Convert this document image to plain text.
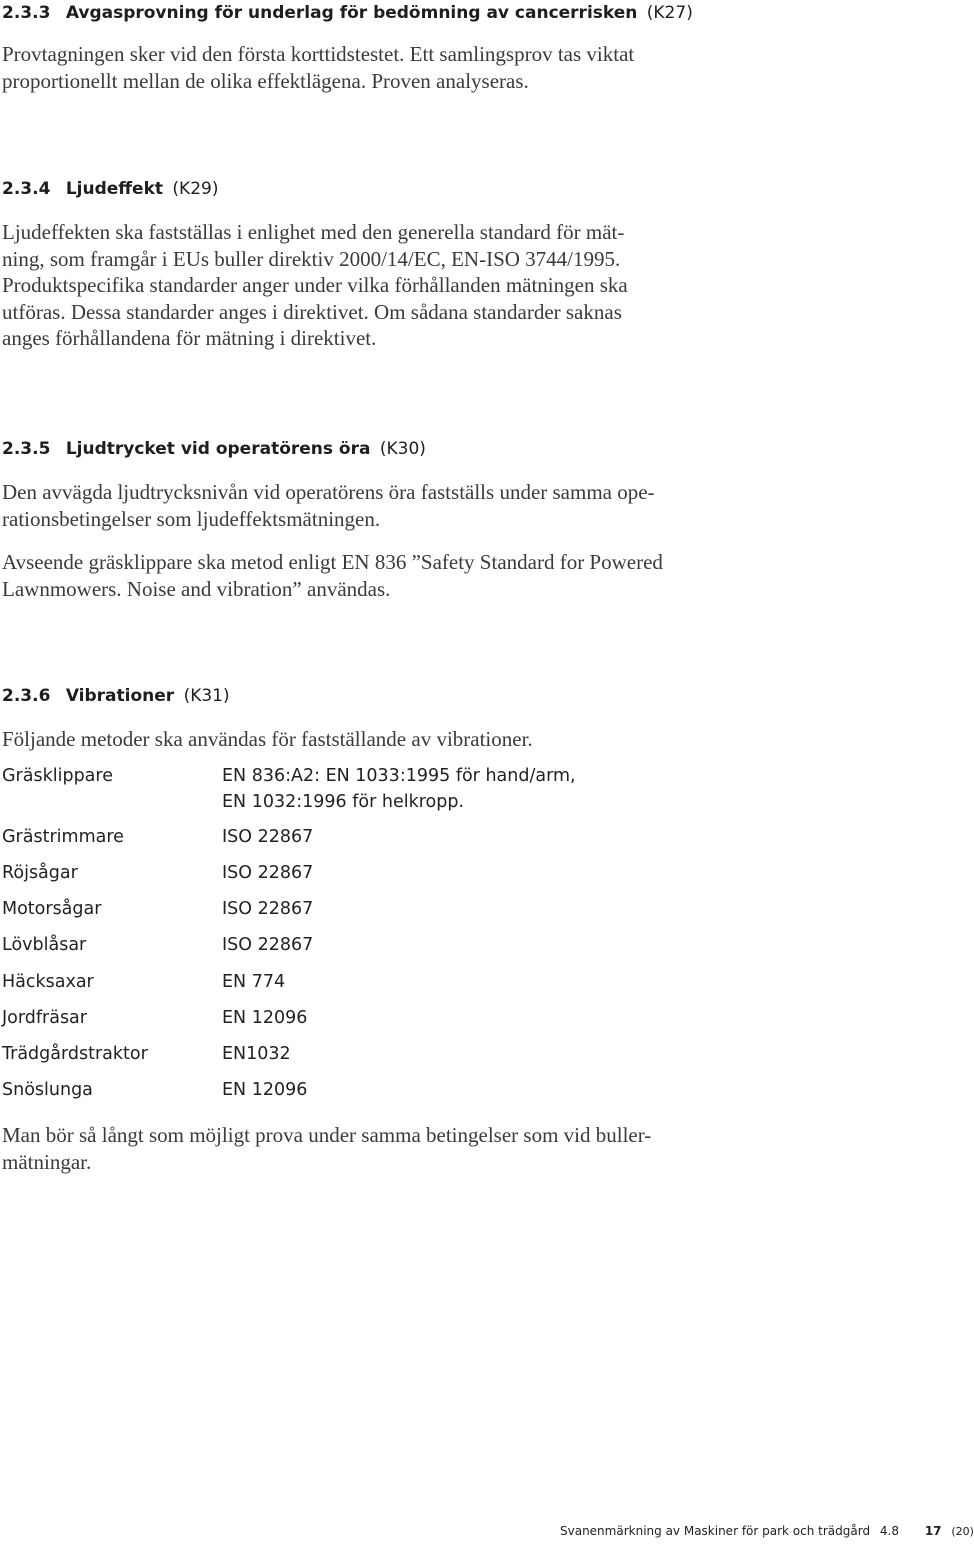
2.3.3 Avgasprovning för underlag för bedömning av cancerrisken (K27)

Provtagningen sker vid den första korttidstestet. Ett samlingsprov tas viktat
proportionellt mellan de olika effektlägena. Proven analyseras.

2.3.4 Ljudeffekt (K29)

Ljudeffekten ska fastställas i enlighet med den generella standard för mät-
ning, som framgår i EUs buller direktiv 2000/14/EC, EN-ISO 3744/1995.
Produktspecifika standarder anger under vilka förhållanden mätningen ska
utföras. Dessa standarder anges i direktivet. Om sådana standarder saknas
anges förhållandena för mätning i direktivet.

2.3.5 Ljudtrycket vid operatörens öra (K30)

Den avvägda ljudtrycksnivån vid operatörens öra fastställs under samma ope-
rationsbetingelser som ljudeffektsmätningen.

Avseende gräsklippare ska metod enligt EN 836 ”Safety Standard for Powered
Lawnmowers. Noise and vibration” användas.

2.3.6 Vibrationer (K31)

Följande metoder ska användas för fastställande av vibrationer.

Gräsklippare	EN 836:A2: EN 1033:1995 för hand/arm,
EN 1032:1996 för helkropp.
Grästrimmare	ISO 22867
Röjsågar	ISO 22867
Motorsågar	ISO 22867
Lövblåsar	ISO 22867
Häcksaxar	EN 774
Jordfräsar	EN 12096
Trädgårdstraktor	EN1032
Snöslunga	EN 12096

Man bör så långt som möjligt prova under samma betingelser som vid buller-
mätningar.

Svanenmärkning av Maskiner för park och trädgård 4.8 17 (20)
